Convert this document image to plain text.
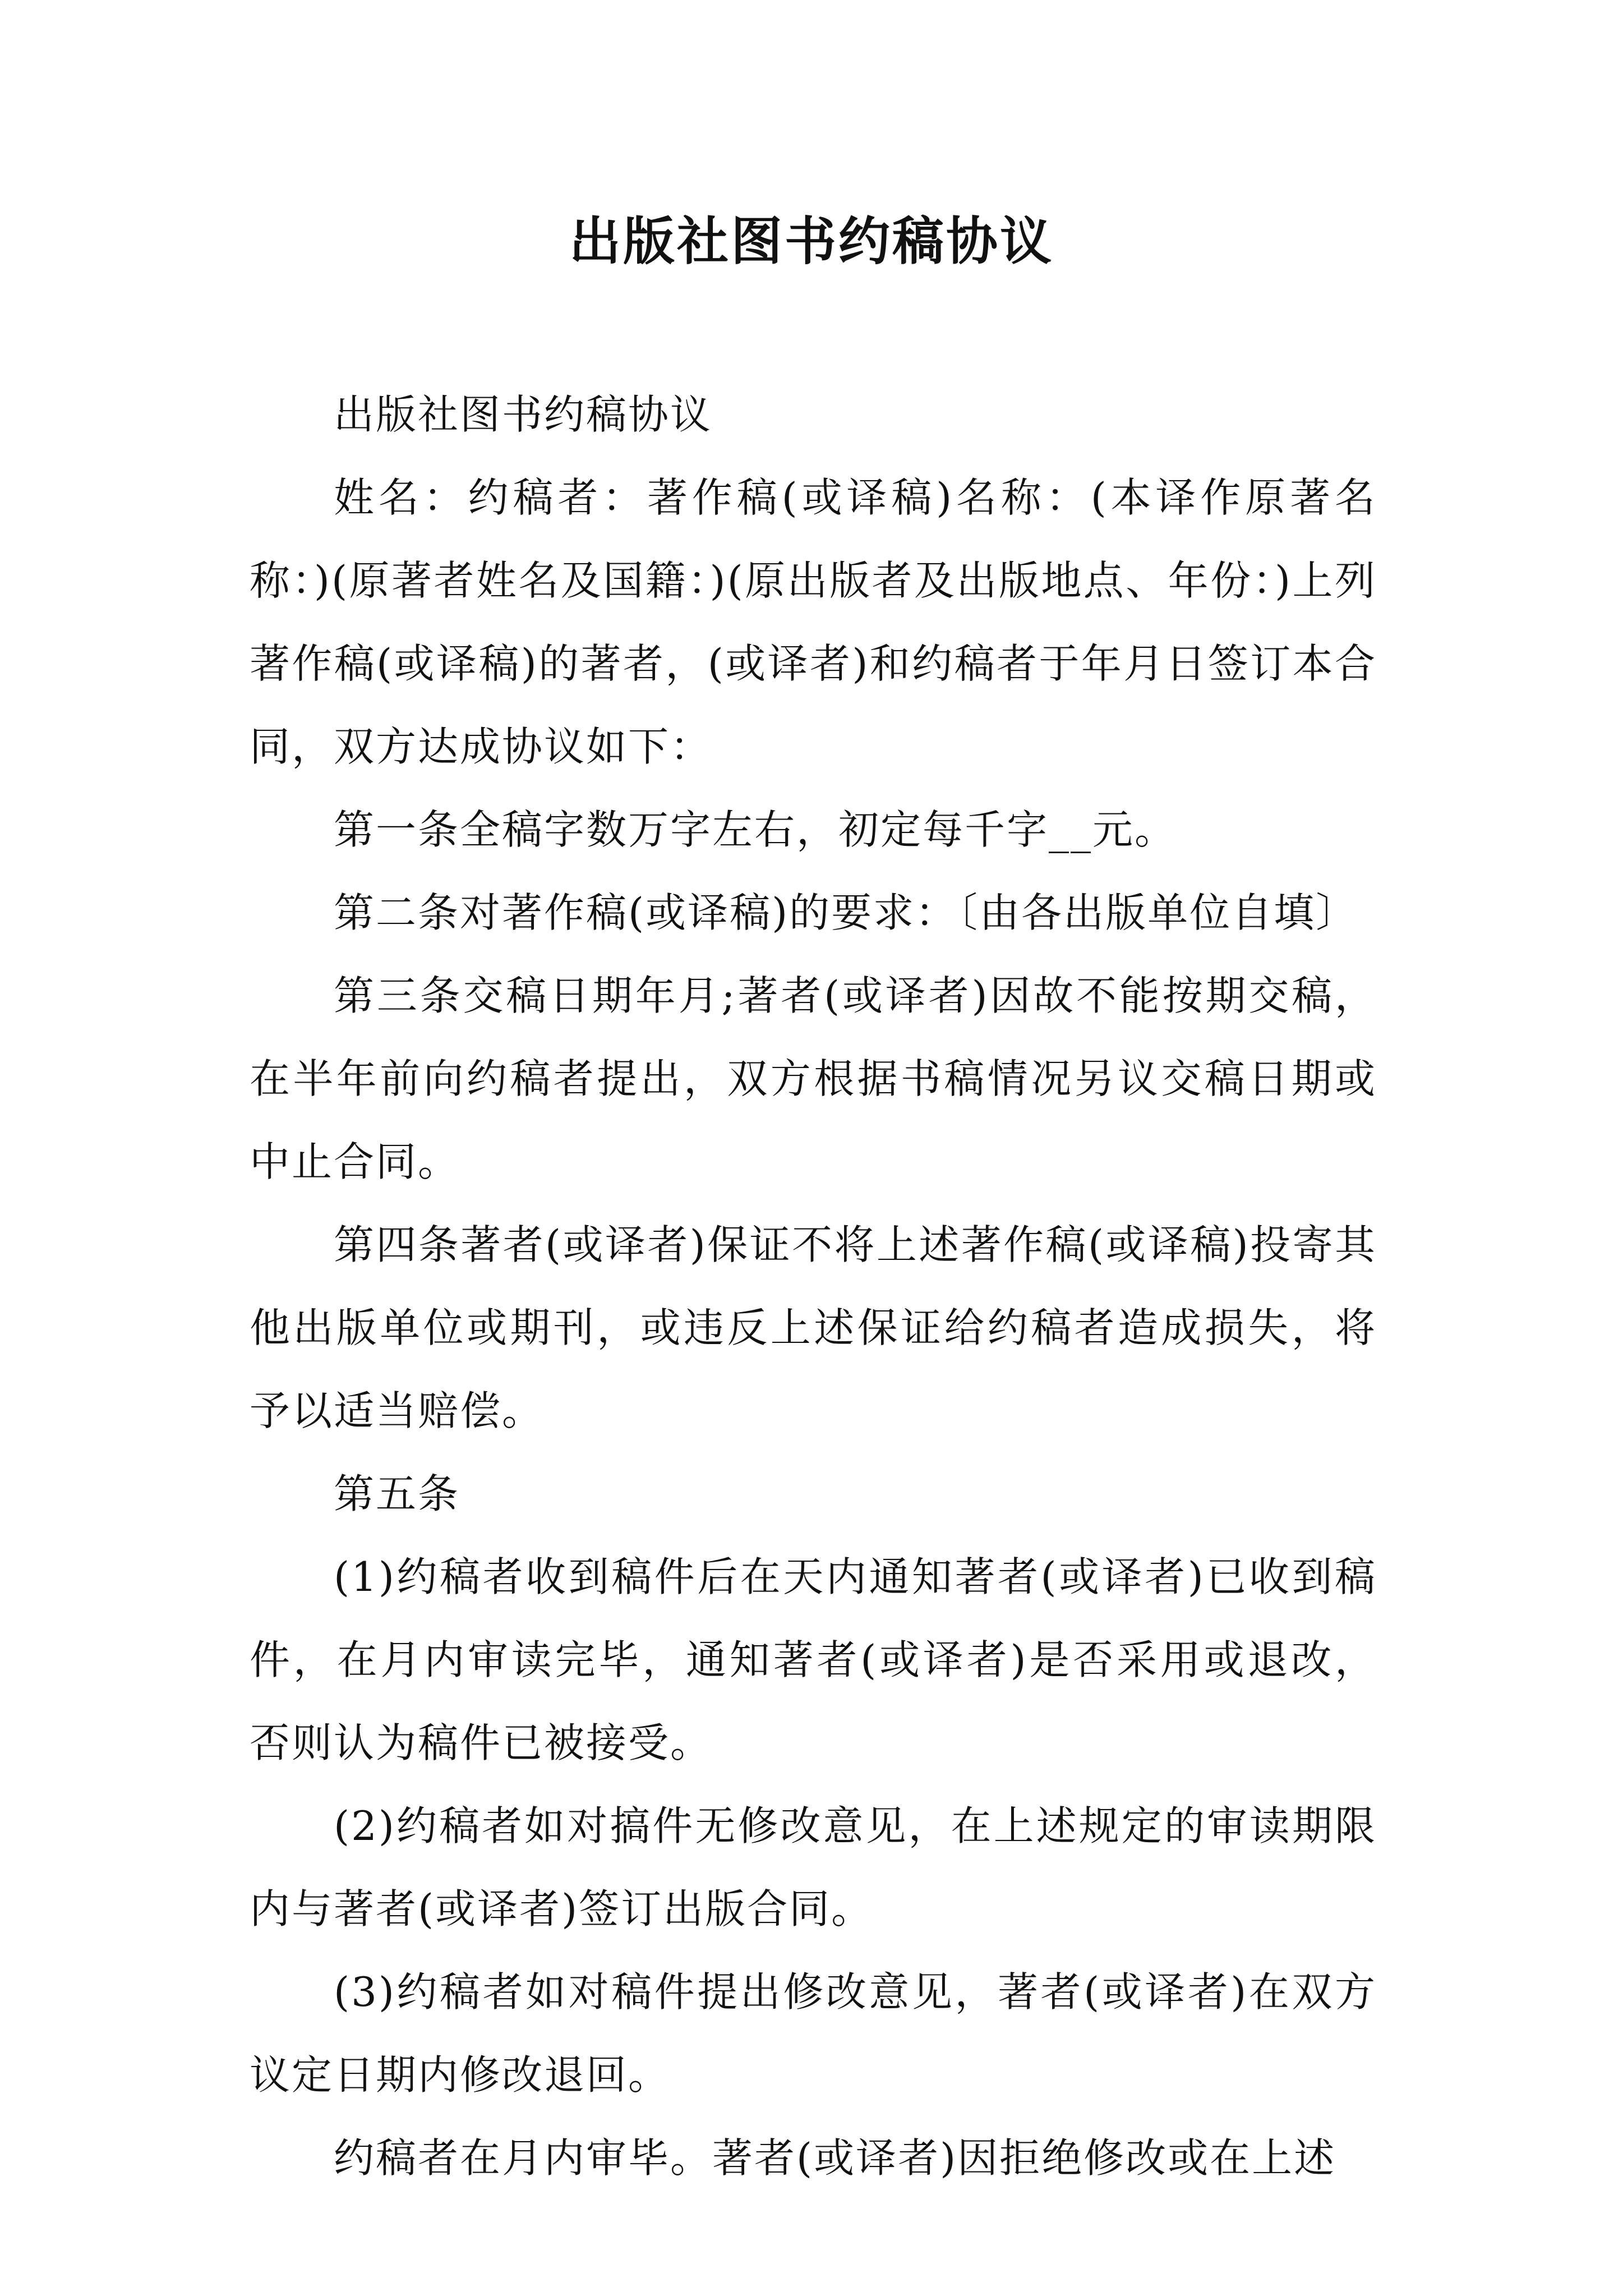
出版社图书约稿协议

出版社图书约稿协议

姓名：约稿者：著作稿(或译稿)名称：(本译作原著名称：)(原著者姓名及国籍：)(原出版者及出版地点、年份：)上列著作稿(或译稿)的著者，(或译者)和约稿者于年月日签订本合同，双方达成协议如下：

第一条全稿字数万字左右，初定每千字__元。

第二条对著作稿(或译稿)的要求：〔由各出版单位自填〕

第三条交稿日期年月;著者(或译者)因故不能按期交稿，在半年前向约稿者提出，双方根据书稿情况另议交稿日期或中止合同。

第四条著者(或译者)保证不将上述著作稿(或译稿)投寄其他出版单位或期刊，或违反上述保证给约稿者造成损失，将予以适当赔偿。

第五条

(1)约稿者收到稿件后在天内通知著者(或译者)已收到稿件，在月内审读完毕，通知著者(或译者)是否采用或退改，否则认为稿件已被接受。

(2)约稿者如对搞件无修改意见，在上述规定的审读期限内与著者(或译者)签订出版合同。

(3)约稿者如对稿件提出修改意见，著者(或译者)在双方议定日期内修改退回。

约稿者在月内审毕。著者(或译者)因拒绝修改或在上述
